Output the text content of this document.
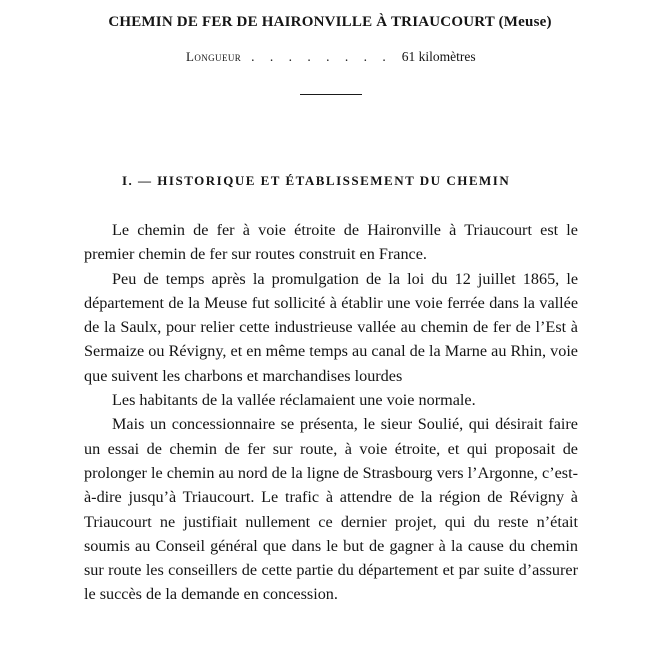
CHEMIN DE FER DE HAIRONVILLE À TRIAUCOURT (Meuse)
Longueur . . . . . . . . 61 kilomètres
I. — HISTORIQUE ET ÉTABLISSEMENT DU CHEMIN

Le chemin de fer à voie étroite de Haironville à Triaucourt est le premier chemin de fer sur routes construit en France.

Peu de temps après la promulgation de la loi du 12 juillet 1865, le département de la Meuse fut sollicité à établir une voie ferrée dans la vallée de la Saulx, pour relier cette industrieuse vallée au chemin de fer de l’Est à Sermaize ou Révigny, et en même temps au canal de la Marne au Rhin, voie que suivent les charbons et marchandises lourdes

Les habitants de la vallée réclamaient une voie normale.

Mais un concessionnaire se présenta, le sieur Soulié, qui désirait faire un essai de chemin de fer sur route, à voie étroite, et qui proposait de prolonger le chemin au nord de la ligne de Strasbourg vers l’Argonne, c’est-à-dire jusqu’à Triaucourt. Le trafic à attendre de la région de Révigny à Triaucourt ne justifiait nullement ce dernier projet, qui du reste n’était soumis au Conseil général que dans le but de gagner à la cause du chemin sur route les conseillers de cette partie du département et par suite d’assurer le succès de la demande en concession.
